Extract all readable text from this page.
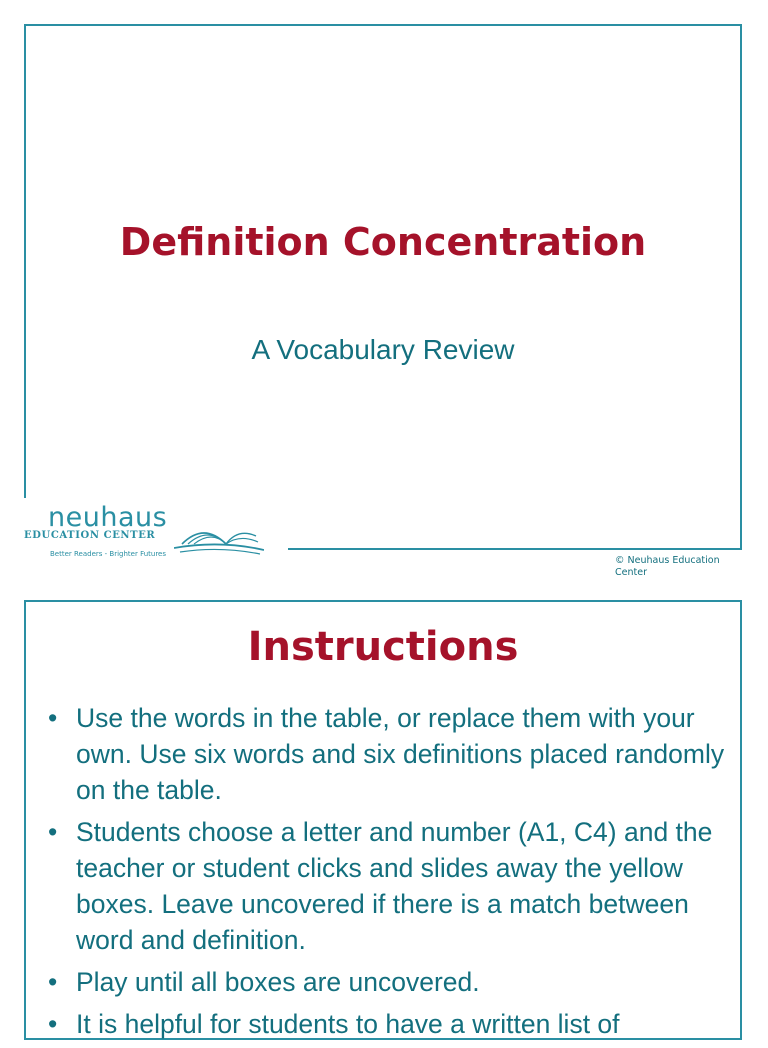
Definition Concentration
A Vocabulary Review
neuhaus
EDUCATION CENTER
Better Readers - Brighter Futures
© Neuhaus Education Center
Instructions
• Use the words in the table, or replace them with your own. Use six words and six definitions placed randomly on the table.
• Students choose a letter and number (A1, C4) and the teacher or student clicks and slides away the yellow boxes. Leave uncovered if there is a match between word and definition.
• Play until all boxes are uncovered.
• It is helpful for students to have a written list of
